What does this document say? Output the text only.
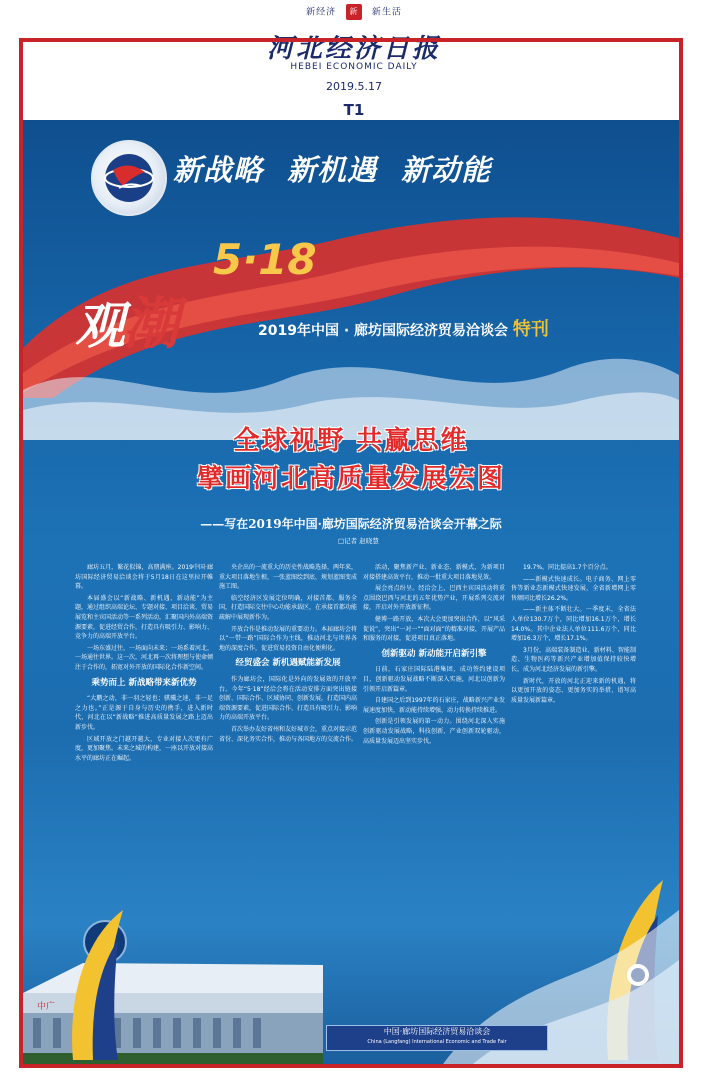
新经济 新 新生活
河北经济日报
HEBEI ECONOMIC DAILY
2019.5.17
T1
新战略 新机遇 新动能
5·18
观潮	2019年中国 · 廊坊国际经济贸易洽谈会 特刊
全球视野 共赢思维
擘画河北高质量发展宏图
——写在2019年中国·廊坊国际经济贸易洽谈会开幕之际
□记者 赵晓慧

廊坊五月，繁花似锦，高朋满座。2019中国·廊坊国际经济贸易洽谈会将于5月18日在这里拉开帷幕。

本届盛会以“新战略、新机遇、新动能”为主题，通过组织高端论坛、专题对接、项目洽谈、贸易展览和主宾国活动等一系列活动，汇聚国内外高端资源要素，促进经贸合作，打造具有吸引力、影响力、竞争力的高端开放平台。

一场东盛过往，一场面向未来；一场系着河北，一场通往世界。这一次，河北再一次将理想与使命倾注于合作的，拓宽对外开放的国际化合作新空间。

乘势而上 新战略带来新优势

“大鹏之动，非一羽之轻也；骐骥之速，非一足之力也。”正是源于自身与历史的携手，进入新时代，河北在以“新战略”推进高质量发展之路上迈出新步伐。

区域开放之门越开越大，专业对接人次更有广度，更加聚焦。未来之城的构建，一座以开放对接高水平的廊坊正在崛起。

央企出的一流重大的历史性战略选择，两年来，重大项目落地生根，一张蓝图绘到底，规划蓝图变成施工图。

临空经济区发展定位明确，对接首都、服务全国，打造国际交往中心功能承载区，在承接首都功能疏解中展现新作为。

开放合作是推动发展的重要动力。本届廊坊会将以“一带一路”国际合作为主线，推动河北与世界各地的深度合作，促进贸易投资自由化便利化。

经贸盛会 新机遇赋能新发展

作为廊坊会，国际化是外向的发展效的开放平台。今年“5·18”经洽会将在活动安排方面突出链接创新、国际合作、区域协同、创新发展，打造国内高端资源要素，促进国际合作、打造具有吸引力、影响力的高端开放平台。

首次举办友好省州和友好城市会，重点对接示范省份、深化务实合作，推动与各国地方的交流合作。

活动，聚焦新产业、新业态、新模式，为新项目对接搭建高效平台，推动一批重大项目落地见效。

展会亮点纷呈。经洽会上，巴西主宾国活动将重点围绕巴西与河北的五年优势产业，开展系列交流对接，开启对外开放新征程。

健博一路开放，本次大会更加突出合作，以“风采促说”，突出“一对一”“面对面”的精准对接，开展产品和服务的对接，促进项目真正落地。

创新驱动 新动能开启新引擎

日前，石家庄国际陆港集团，成功签约建设项目，创新驱动发展战略不断深入实施，河北以创新为引领开启新篇章。

自建国之后到1997年的石家庄，战略新兴产业发展速度加快，新动能持续增强，动力转换持续推进。

创新是引领发展的第一动力。围绕河北深入实施创新驱动发展战略，科技创新、产业创新双轮驱动，高质量发展迈出坚实步伐。

19.7%，同比提高1.7个百分点。

——新模式快速成长。电子商务、网上零售等新业态新模式快速发展，全省新增网上零售额同比增长26.2%。

——新主体不断壮大。一季度末，全省法人单位130.7万个，同比增加16.1万个，增长14.0%。其中企业法人单位111.6万个，同比增加16.3万个，增长17.1%。

3月份，高端装备制造业、新材料、智能制造、生物医药等新兴产业增加值保持较快增长，成为河北经济发展的新引擎。

新时代，开放的河北正迎来新的机遇，将以更加开放的姿态、更加务实的举措，谱写高质量发展新篇章。

中广
中国·廊坊国际经济贸易洽谈会
China (Langfang) International Economic and Trade Fair
